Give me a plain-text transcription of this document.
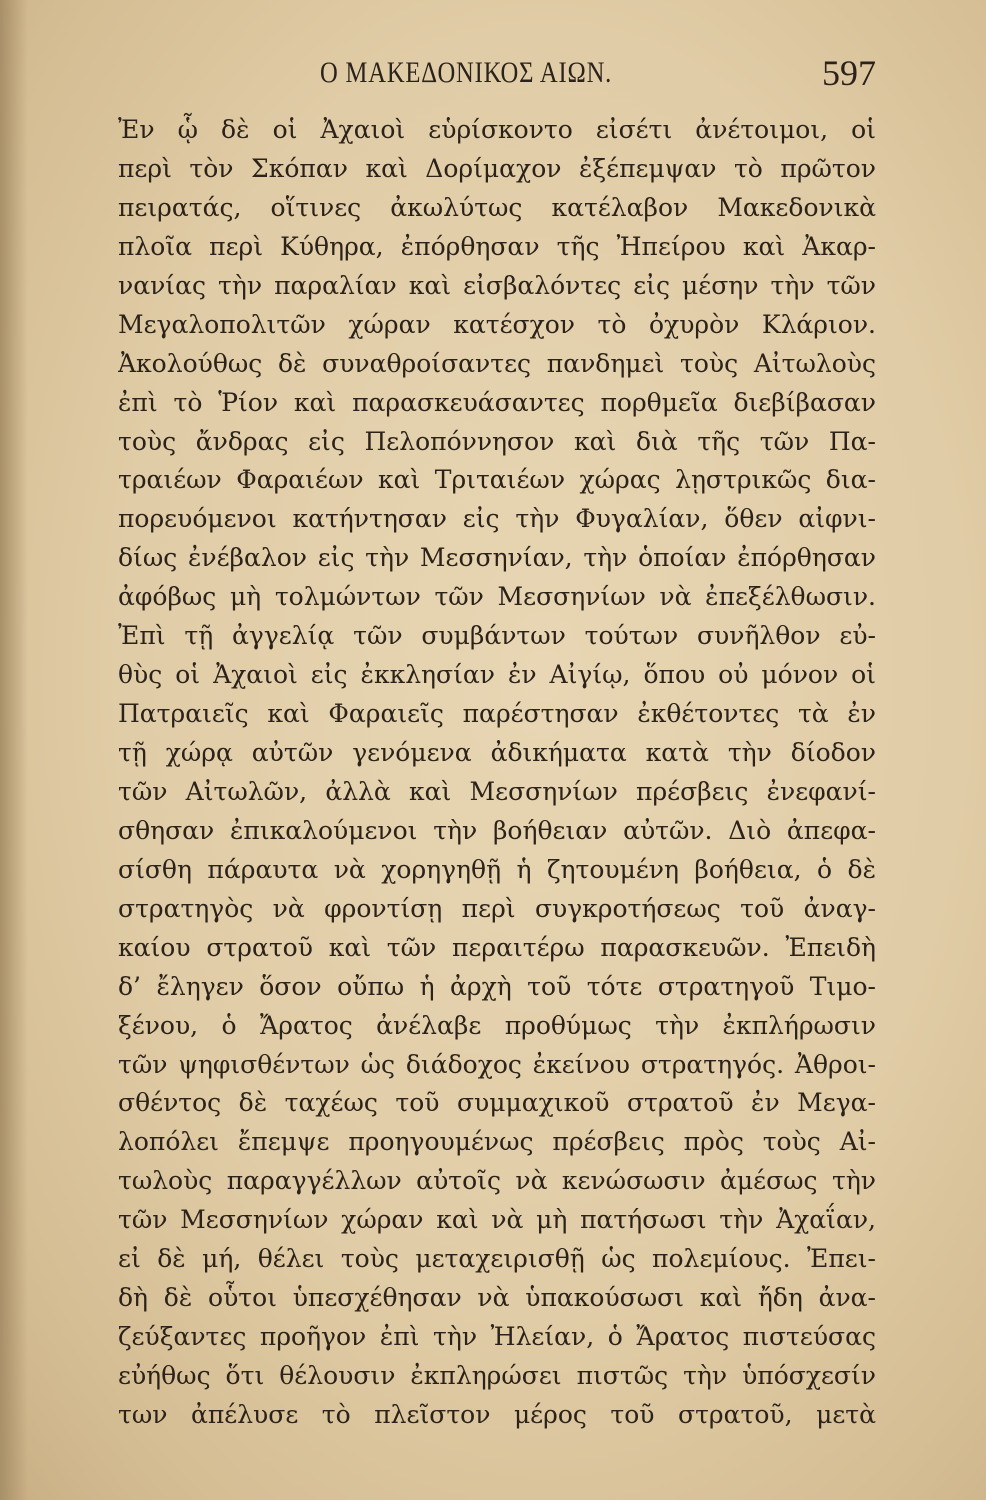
Ο ΜΑΚΕΔΟΝΙΚΟΣ ΑΙΩΝ.	597
Ἐν ᾧ δὲ οἱ Ἀχαιοὶ εὑρίσκοντο εἰσέτι ἀνέτοιμοι, οἱ
περὶ τὸν Σκόπαν καὶ Δορίμαχον ἐξέπεμψαν τὸ πρῶτον
πειρατάς, οἵτινες ἀκωλύτως κατέλαβον Μακεδονικὰ
πλοῖα περὶ Κύθηρα, ἐπόρθησαν τῆς Ἠπείρου καὶ Ἀκαρ-
νανίας τὴν παραλίαν καὶ εἰσβαλόντες εἰς μέσην τὴν τῶν
Μεγαλοπολιτῶν χώραν κατέσχον τὸ ὀχυρὸν Κλάριον.
Ἀκολούθως δὲ συναθροίσαντες πανδημεὶ τοὺς Αἰτωλοὺς
ἐπὶ τὸ Ῥίον καὶ παρασκευάσαντες πορθμεῖα διεβίβασαν
τοὺς ἄνδρας εἰς Πελοπόννησον καὶ διὰ τῆς τῶν Πα-
τραιέων Φαραιέων καὶ Τριταιέων χώρας λῃστρικῶς δια-
πορευόμενοι κατήντησαν εἰς τὴν Φυγαλίαν, ὅθεν αἰφνι-
δίως ἐνέβαλον εἰς τὴν Μεσσηνίαν, τὴν ὁποίαν ἐπόρθησαν
ἀφόβως μὴ τολμώντων τῶν Μεσσηνίων νὰ ἐπεξέλθωσιν.
Ἐπὶ τῇ ἀγγελίᾳ τῶν συμβάντων τούτων συνῆλθον εὐ-
θὺς οἱ Ἀχαιοὶ εἰς ἐκκλησίαν ἐν Αἰγίῳ, ὅπου οὐ μόνον οἱ
Πατραιεῖς καὶ Φαραιεῖς παρέστησαν ἐκθέτοντες τὰ ἐν
τῇ χώρᾳ αὐτῶν γενόμενα ἀδικήματα κατὰ τὴν δίοδον
τῶν Αἰτωλῶν, ἀλλὰ καὶ Μεσσηνίων πρέσβεις ἐνεφανί-
σθησαν ἐπικαλούμενοι τὴν βοήθειαν αὐτῶν. Διὸ ἀπεφα-
σίσθη πάραυτα νὰ χορηγηθῇ ἡ ζητουμένη βοήθεια, ὁ δὲ
στρατηγὸς νὰ φροντίσῃ περὶ συγκροτήσεως τοῦ ἀναγ-
καίου στρατοῦ καὶ τῶν περαιτέρω παρασκευῶν. Ἐπειδὴ
δ’ ἔληγεν ὅσον οὔπω ἡ ἀρχὴ τοῦ τότε στρατηγοῦ Τιμο-
ξένου, ὁ Ἄρατος ἀνέλαβε προθύμως τὴν ἐκπλήρωσιν
τῶν ψηφισθέντων ὡς διάδοχος ἐκείνου στρατηγός. Ἀθροι-
σθέντος δὲ ταχέως τοῦ συμμαχικοῦ στρατοῦ ἐν Μεγα-
λοπόλει ἔπεμψε προηγουμένως πρέσβεις πρὸς τοὺς Αἰ-
τωλοὺς παραγγέλλων αὐτοῖς νὰ κενώσωσιν ἀμέσως τὴν
τῶν Μεσσηνίων χώραν καὶ νὰ μὴ πατήσωσι τὴν Ἀχαΐαν,
εἰ δὲ μή, θέλει τοὺς μεταχειρισθῇ ὡς πολεμίους. Ἐπει-
δὴ δὲ οὗτοι ὑπεσχέθησαν νὰ ὑπακούσωσι καὶ ἤδη ἀνα-
ζεύξαντες προῆγον ἐπὶ τὴν Ἠλείαν, ὁ Ἄρατος πιστεύσας
εὐήθως ὅτι θέλουσιν ἐκπληρώσει πιστῶς τὴν ὑπόσχεσίν
των ἀπέλυσε τὸ πλεῖστον μέρος τοῦ στρατοῦ, μετὰ
